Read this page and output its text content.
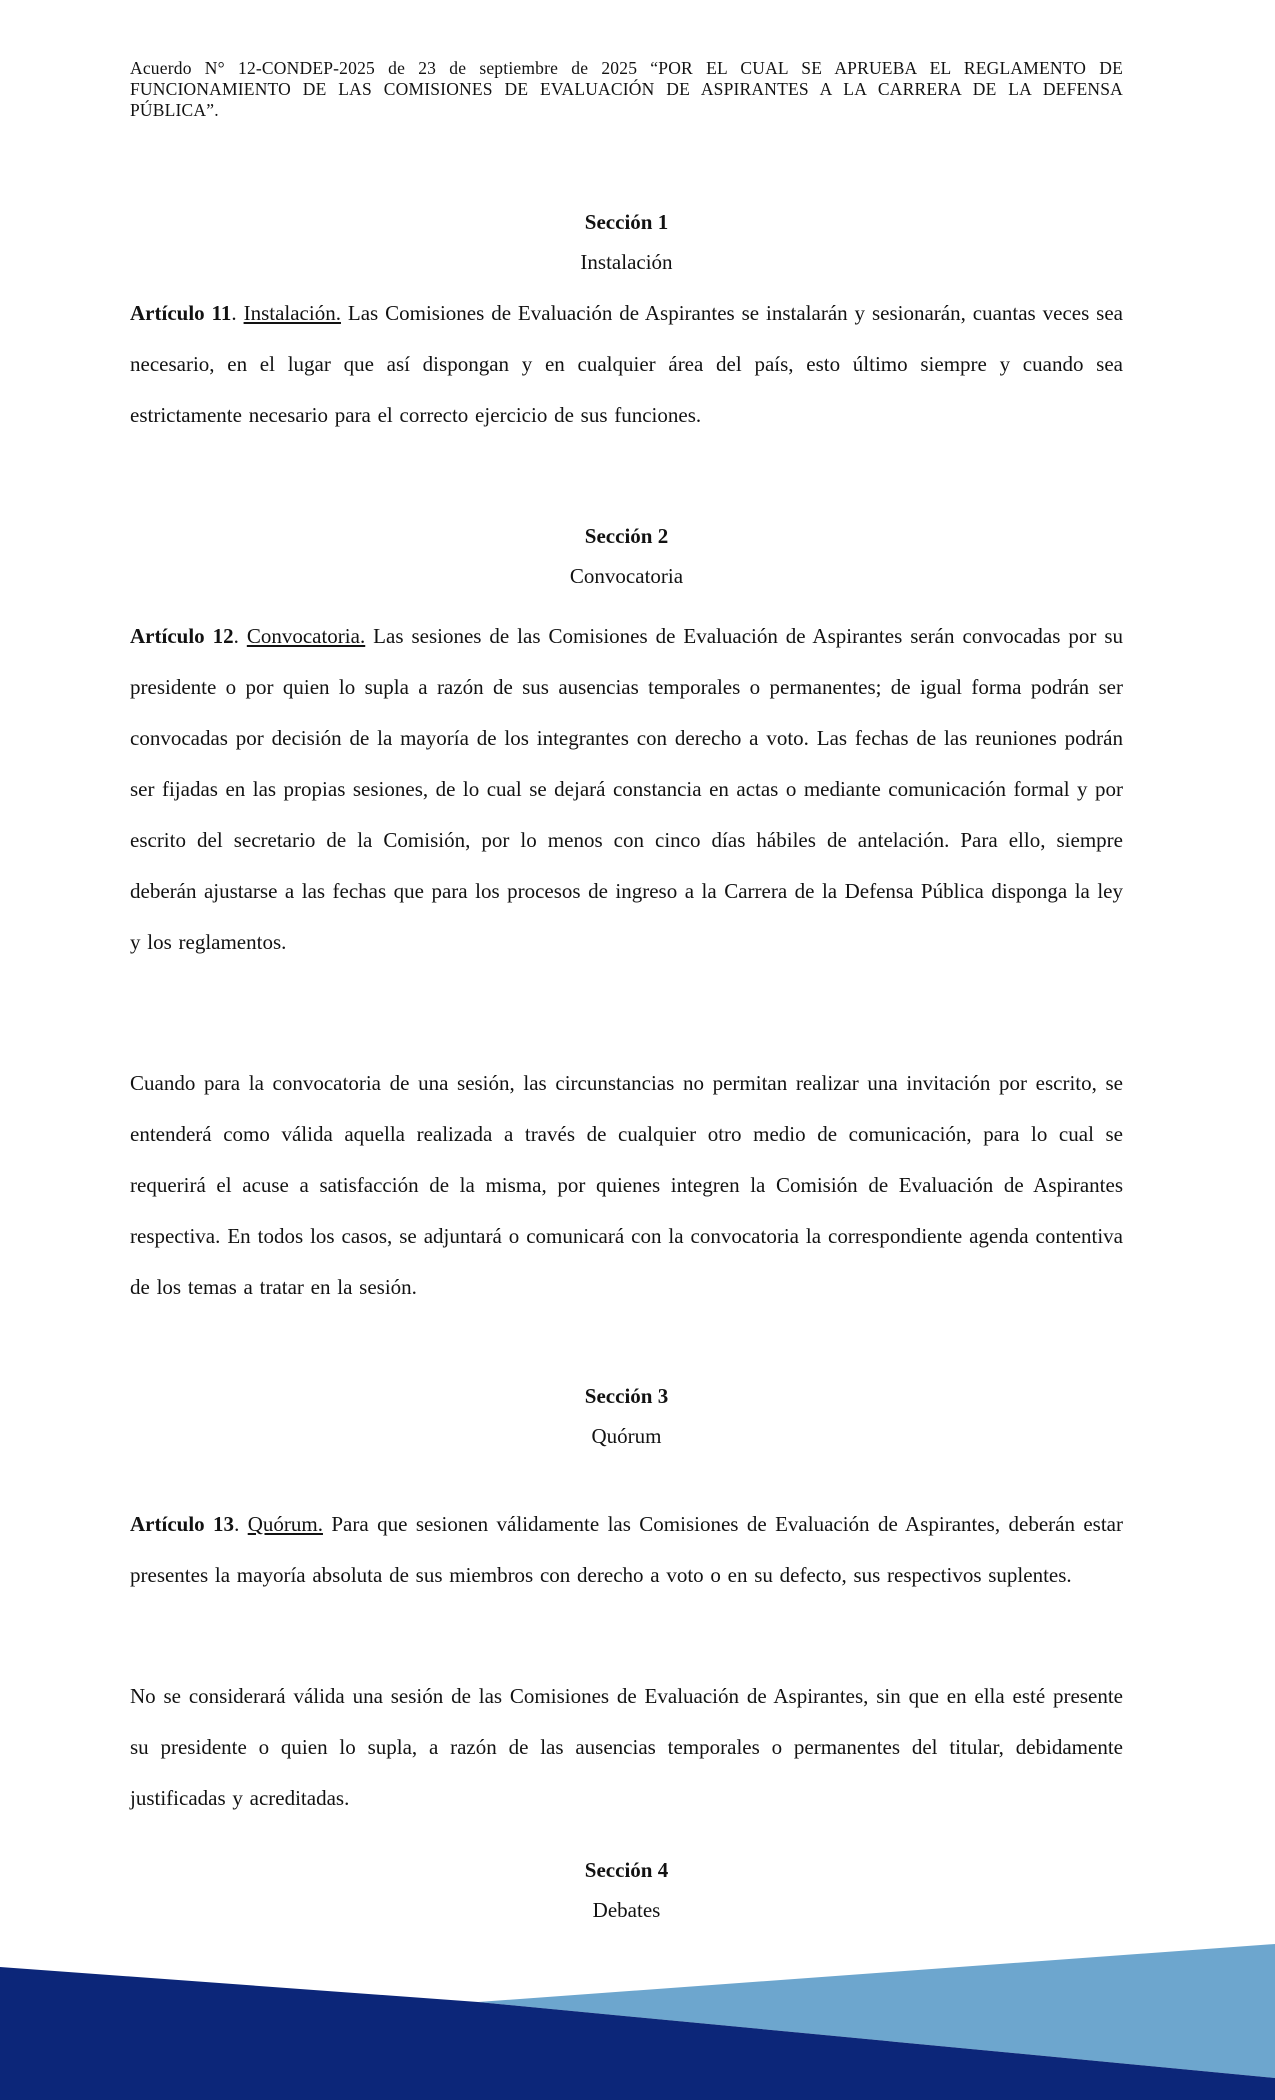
Acuerdo N° 12-CONDEP-2025 de 23 de septiembre de 2025 “POR EL CUAL SE APRUEBA EL REGLAMENTO DE
FUNCIONAMIENTO DE LAS COMISIONES DE EVALUACIÓN DE ASPIRANTES A LA CARRERA DE LA DEFENSA
PÚBLICA”.
Sección 1
Instalación
Artículo 11. Instalación. Las Comisiones de Evaluación de Aspirantes se instalarán y sesionarán, cuantas veces sea necesario, en el lugar que así dispongan y en cualquier área del país, esto último siempre y cuando sea estrictamente necesario para el correcto ejercicio de sus funciones.
Sección 2
Convocatoria
Artículo 12. Convocatoria. Las sesiones de las Comisiones de Evaluación de Aspirantes serán convocadas por su presidente o por quien lo supla a razón de sus ausencias temporales o permanentes; de igual forma podrán ser convocadas por decisión de la mayoría de los integrantes con derecho a voto. Las fechas de las reuniones podrán ser fijadas en las propias sesiones, de lo cual se dejará constancia en actas o mediante comunicación formal y por escrito del secretario de la Comisión, por lo menos con cinco días hábiles de antelación. Para ello, siempre deberán ajustarse a las fechas que para los procesos de ingreso a la Carrera de la Defensa Pública disponga la ley y los reglamentos.
Cuando para la convocatoria de una sesión, las circunstancias no permitan realizar una invitación por escrito, se entenderá como válida aquella realizada a través de cualquier otro medio de comunicación, para lo cual se requerirá el acuse a satisfacción de la misma, por quienes integren la Comisión de Evaluación de Aspirantes respectiva. En todos los casos, se adjuntará o comunicará con la convocatoria la correspondiente agenda contentiva de los temas a tratar en la sesión.
Sección 3
Quórum
Artículo 13. Quórum. Para que sesionen válidamente las Comisiones de Evaluación de Aspirantes, deberán estar presentes la mayoría absoluta de sus miembros con derecho a voto o en su defecto, sus respectivos suplentes.
No se considerará válida una sesión de las Comisiones de Evaluación de Aspirantes, sin que en ella esté presente su presidente o quien lo supla, a razón de las ausencias temporales o permanentes del titular, debidamente justificadas y acreditadas.
Sección 4
Debates
